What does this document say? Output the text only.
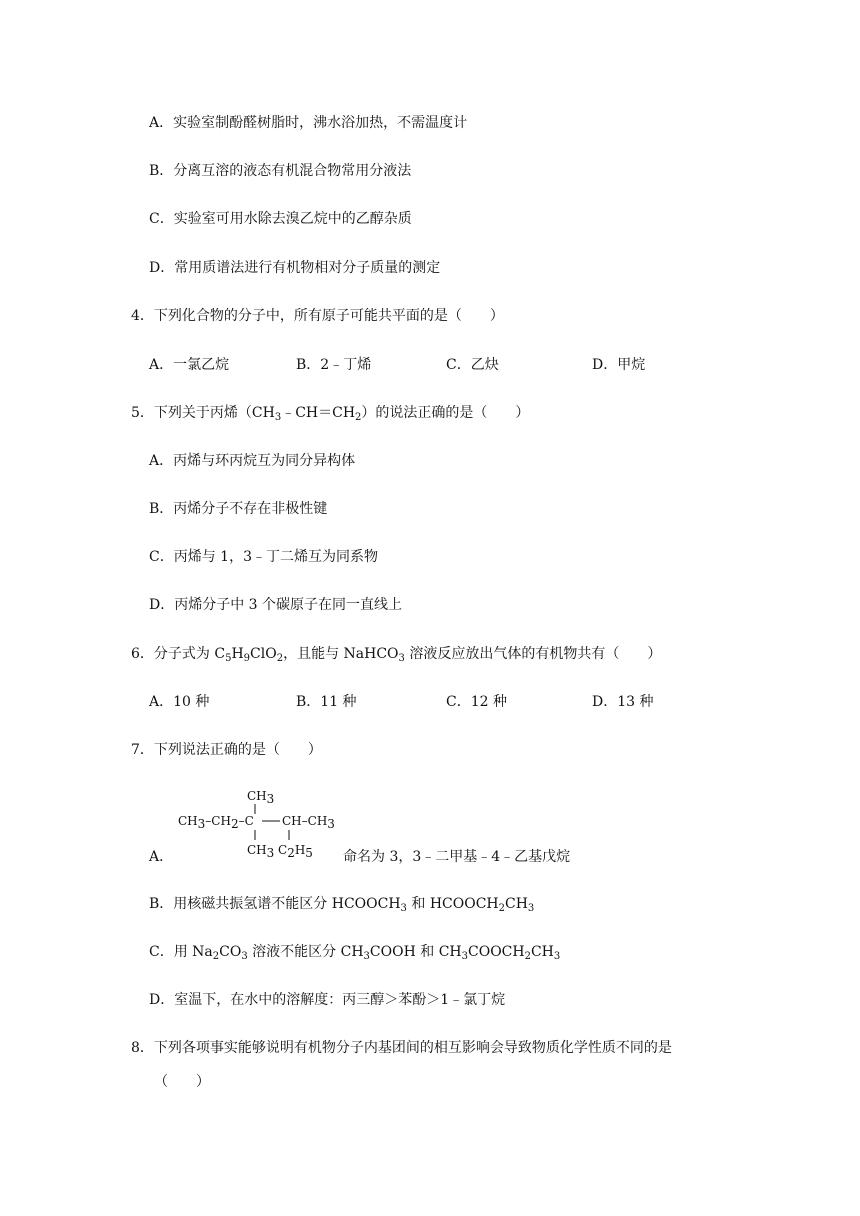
A．实验室制酚醛树脂时，沸水浴加热，不需温度计
B．分离互溶的液态有机混合物常用分液法
C．实验室可用水除去溴乙烷中的乙醇杂质
D．常用质谱法进行有机物相对分子质量的测定
4．下列化合物的分子中，所有原子可能共平面的是（　　）
A．一氯乙烷	B．2﹣丁烯	C．乙炔	D．甲烷
5．下列关于丙烯$(CH_3﹣CH=CH_2)$的说法正确的是（　　）
A．丙烯与环丙烷互为同分异构体
B．丙烯分子不存在非极性键
C．丙烯与 1，3﹣丁二烯互为同系物
D．丙烯分子中 3 个碳原子在同一直线上
6．分子式为 $C_5H_9ClO_2$，且能与 NaHCO$_3$ 溶液反应放出气体的有机物共有（　　）
A．10 种	B．11 种	C．12 种	D．13 种
7．下列说法正确的是（　　）
CH3
CH3–CH2–C CH–CH3
CH3 C2H5
A．	命名为 3，3﹣二甲基﹣4﹣乙基戊烷
B．用核磁共振氢谱不能区分 $HCOOCH_3$ 和 $HCOOCH_2CH_3$
C．用 $Na_2CO_3$ 溶液不能区分 $CH_3COOH$ 和 $CH_3COOCH_2CH_3$
D．室温下，在水中的溶解度：丙三醇＞苯酚＞1﹣氯丁烷
8．下列各项事实能够说明有机物分子内基团间的相互影响会导致物质化学性质不同的是
（　　）
